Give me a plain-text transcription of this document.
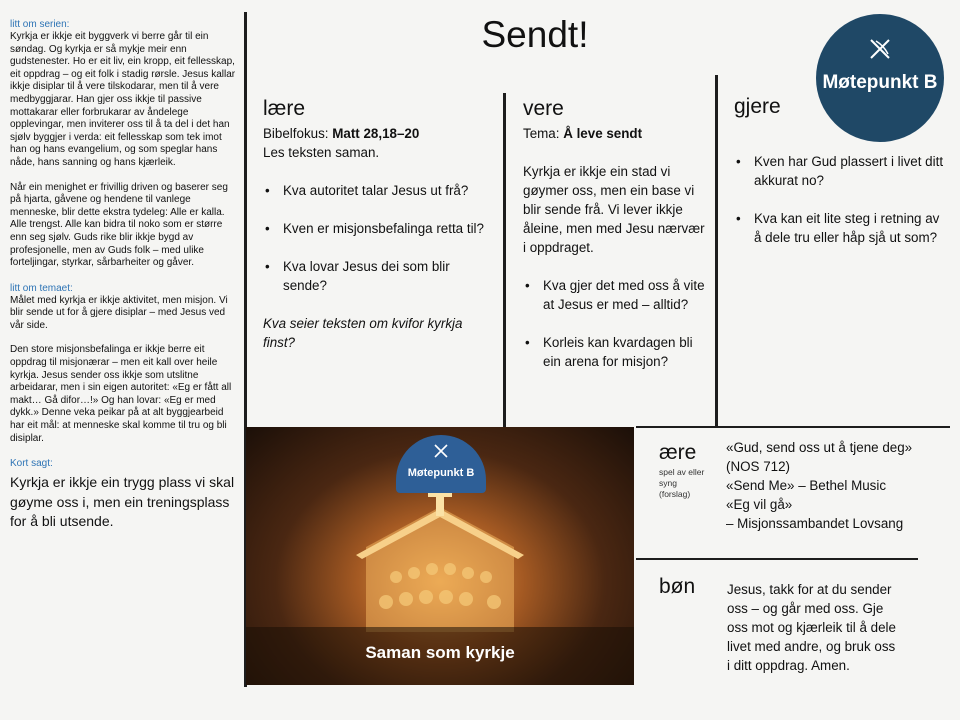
Sendt!
Møtepunkt B

litt om serien:

Kyrkja er ikkje eit byggverk vi berre går til ein søndag. Og kyrkja er så mykje meir enn gudstenester. Ho er eit liv, ein kropp, eit fellesskap, eit oppdrag – og eit folk i stadig rørsle. Jesus kallar ikkje disiplar til å vere tilskodarar, men til å vere medbyggjarar. Han gjer oss ikkje til passive mottakarar eller forbrukarar av åndelege opplevingar, men inviterer oss til å ta del i det han sjølv byggjer i verda: eit fellesskap som tek imot han og hans evangelium, og som speglar hans nåde, hans sanning og hans kjærleik.

Når ein menighet er frivillig driven og baserer seg på hjarta, gåvene og hendene til vanlege menneske, blir dette ekstra tydeleg: Alle er kalla. Alle trengst. Alle kan bidra til noko som er større enn seg sjølv. Guds rike blir ikkje bygd av profesjonelle, men av Guds folk – med ulike forteljingar, styrkar, sårbarheiter og gåver.

litt om temaet:

Målet med kyrkja er ikkje aktivitet, men misjon. Vi blir sende ut for å gjere disiplar – med Jesus ved vår side.

Den store misjonsbefalinga er ikkje berre eit oppdrag til misjonærar – men eit kall over heile kyrkja. Jesus sender oss ikkje som utslitne arbeidarar, men i sin eigen autoritet: «Eg er fått all makt… Gå difor…!» Og han lovar: «Eg er med dykk.» Denne veka peikar på at alt byggjearbeid har eit mål: at menneske skal komme til tru og bli disiplar.

Kort sagt:

Kyrkja er ikkje ein trygg plass vi skal gøyme oss i, men ein treningsplass for å bli utsende.

lære
Bibelfokus: Matt 28,18–20
Les teksten saman.
• Kva autoritet talar Jesus ut frå?
• Kven er misjonsbefalinga retta til?
• Kva lovar Jesus dei som blir sende?
Kva seier teksten om kvifor kyrkja finst?
vere
Tema: Å leve sendt
Kyrkja er ikkje ein stad vi gøymer oss, men ein base vi blir sende frå. Vi lever ikkje åleine, men med Jesu nærvær i oppdraget.
• Kva gjer det med oss å vite at Jesus er med – alltid?
• Korleis kan kvardagen bli ein arena for misjon?
gjere
• Kven har Gud plassert i livet ditt akkurat no?
• Kva kan eit lite steg i retning av å dele tru eller håp sjå ut som?
Møtepunkt B
Saman som kyrkje
ære
spel av eller syng (forslag)
«Gud, send oss ut å tjene deg»
(NOS 712)
«Send Me» – Bethel Music
«Eg vil gå»
– Misjonssambandet Lovsang
bøn Jesus, takk for at du sender oss – og går med oss. Gje oss mot og kjærleik til å dele livet med andre, og bruk oss i ditt oppdrag. Amen.
